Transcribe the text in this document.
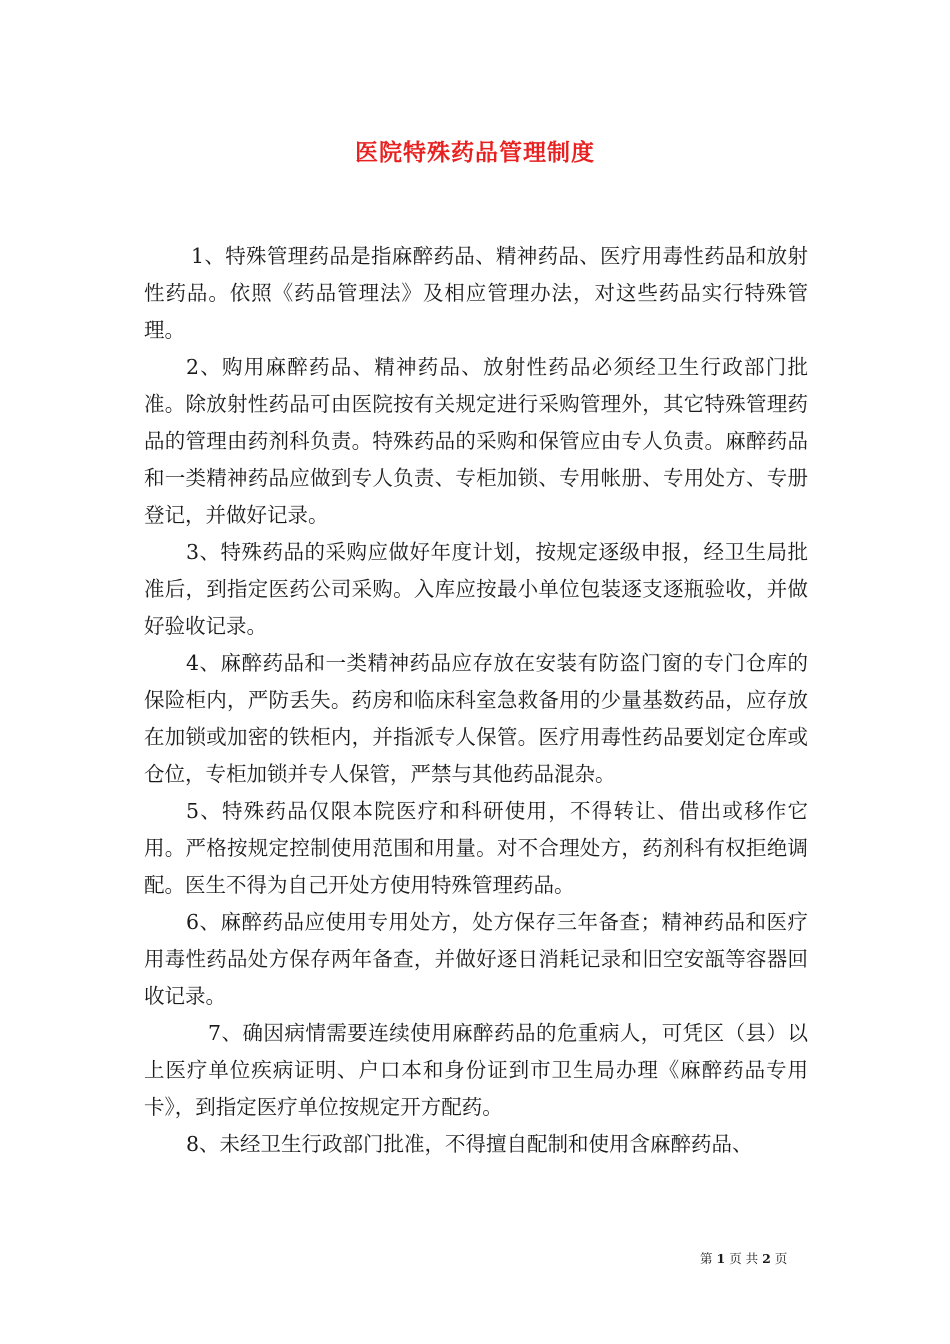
医院特殊药品管理制度

1、特殊管理药品是指麻醉药品、精神药品、医疗用毒性药品和放射性药品。依照《药品管理法》及相应管理办法，对这些药品实行特殊管理。

2、购用麻醉药品、精神药品、放射性药品必须经卫生行政部门批准。除放射性药品可由医院按有关规定进行采购管理外，其它特殊管理药品的管理由药剂科负责。特殊药品的采购和保管应由专人负责。麻醉药品和一类精神药品应做到专人负责、专柜加锁、专用帐册、专用处方、专册登记，并做好记录。

3、特殊药品的采购应做好年度计划，按规定逐级申报，经卫生局批准后，到指定医药公司采购。入库应按最小单位包装逐支逐瓶验收，并做好验收记录。

4、麻醉药品和一类精神药品应存放在安装有防盗门窗的专门仓库的保险柜内，严防丢失。药房和临床科室急救备用的少量基数药品，应存放在加锁或加密的铁柜内，并指派专人保管。医疗用毒性药品要划定仓库或仓位，专柜加锁并专人保管，严禁与其他药品混杂。

5、特殊药品仅限本院医疗和科研使用，不得转让、借出或移作它用。严格按规定控制使用范围和用量。对不合理处方，药剂科有权拒绝调配。医生不得为自己开处方使用特殊管理药品。

6、麻醉药品应使用专用处方，处方保存三年备查；精神药品和医疗用毒性药品处方保存两年备查，并做好逐日消耗记录和旧空安瓿等容器回收记录。

7、确因病情需要连续使用麻醉药品的危重病人，可凭区（县）以上医疗单位疾病证明、户口本和身份证到市卫生局办理《麻醉药品专用卡》，到指定医疗单位按规定开方配药。

8、未经卫生行政部门批准，不得擅自配制和使用含麻醉药品、

第 1 页 共 2 页
